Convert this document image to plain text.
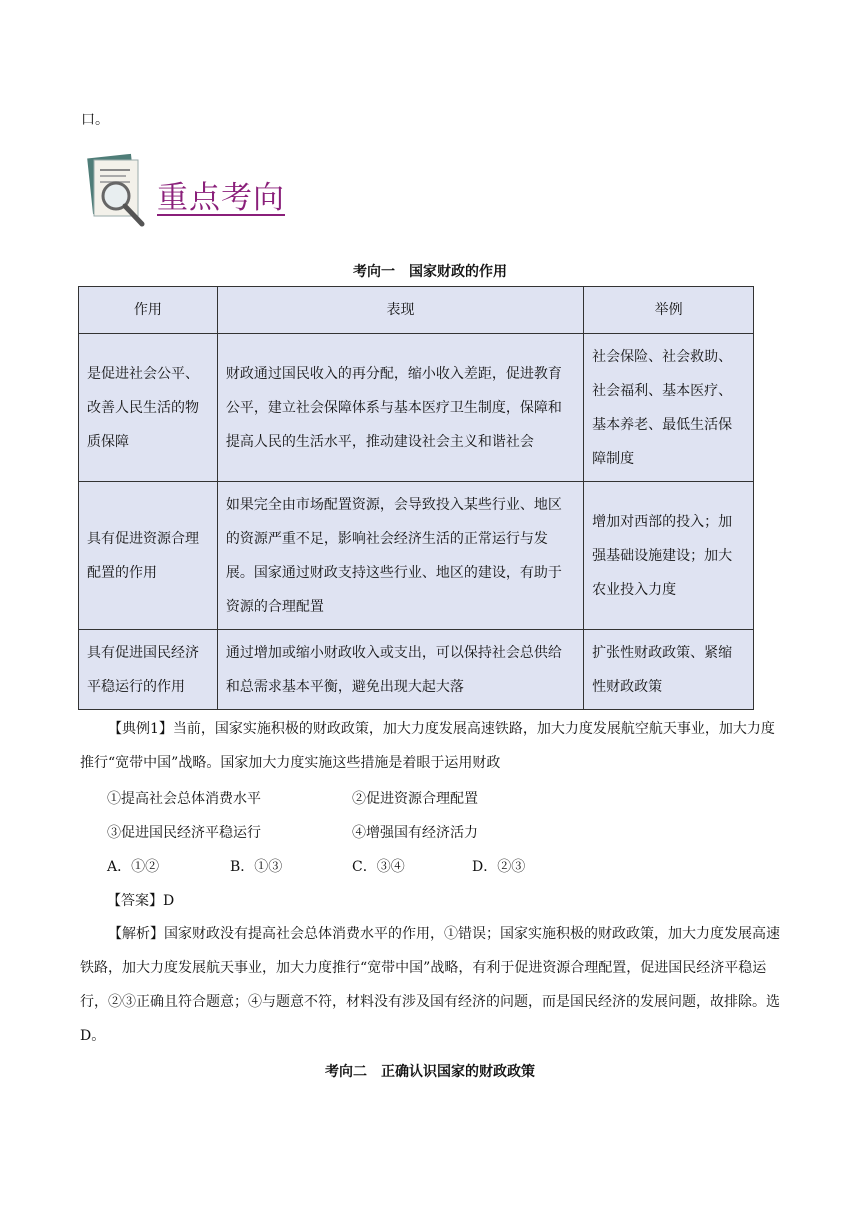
口。
重点考向
考向一　国家财政的作用
作用	表现	举例
是促进社会公平、改善人民生活的物质保障	财政通过国民收入的再分配，缩小收入差距，促进教育公平，建立社会保障体系与基本医疗卫生制度，保障和提高人民的生活水平，推动建设社会主义和谐社会	社会保险、社会救助、社会福利、基本医疗、基本养老、最低生活保障制度
具有促进资源合理配置的作用	如果完全由市场配置资源，会导致投入某些行业、地区的资源严重不足，影响社会经济生活的正常运行与发展。国家通过财政支持这些行业、地区的建设，有助于资源的合理配置	增加对西部的投入；加强基础设施建设；加大农业投入力度
具有促进国民经济平稳运行的作用	通过增加或缩小财政收入或支出，可以保持社会总供给和总需求基本平衡，避免出现大起大落	扩张性财政政策、紧缩性财政政策
【典例1】当前，国家实施积极的财政政策，加大力度发展高速铁路，加大力度发展航空航天事业，加大力度推行“宽带中国”战略。国家加大力度实施这些措施是着眼于运用财政
①提高社会总体消费水平	②促进资源合理配置
③促进国民经济平稳运行	④增强国有经济活力
A．①②	B．①③	C．③④	D．②③
【答案】D
【解析】国家财政没有提高社会总体消费水平的作用，①错误；国家实施积极的财政政策，加大力度发展高速铁路，加大力度发展航天事业，加大力度推行“宽带中国”战略，有利于促进资源合理配置，促进国民经济平稳运行，②③正确且符合题意；④与题意不符，材料没有涉及国有经济的问题，而是国民经济的发展问题，故排除。选D。
考向二　正确认识国家的财政政策
